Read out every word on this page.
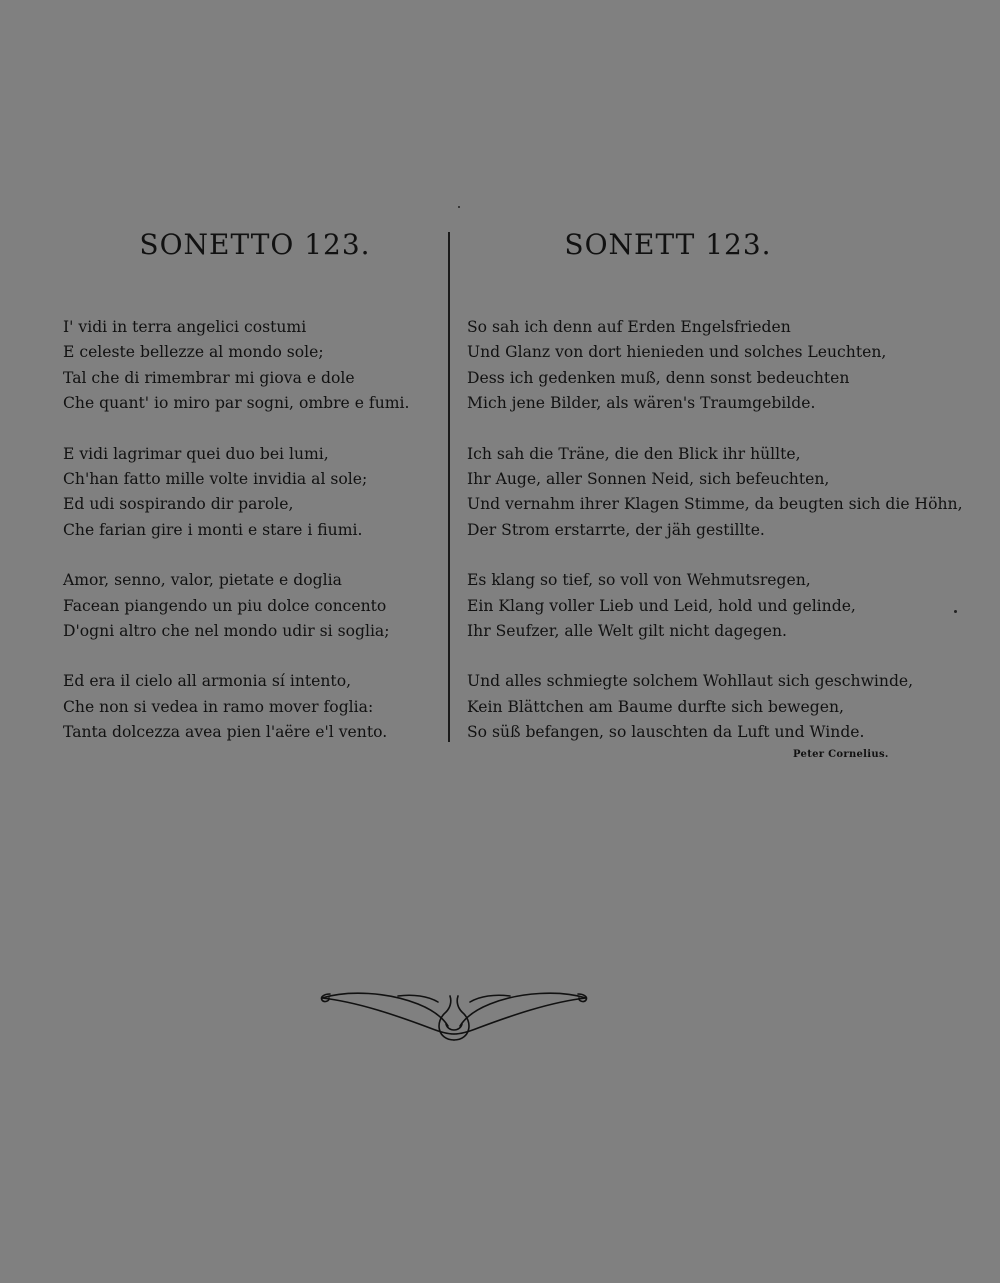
SONETTO 123.	SONETT 123.
I' vidi in terra angelici costumi
E celeste bellezze al mondo sole;
Tal che di rimembrar mi giova e dole
Che quant' io miro par sogni, ombre e fumi.
E vidi lagrimar quei duo bei lumi,
Ch'han fatto mille volte invidia al sole;
Ed udi sospirando dir parole,
Che farian gire i monti e stare i fiumi.
Amor, senno, valor, pietate e doglia
Facean piangendo un piu dolce concento
D'ogni altro che nel mondo udir si soglia;
Ed era il cielo all armonia sí intento,
Che non si vedea in ramo mover foglia:
Tanta dolcezza avea pien l'aëre e'l vento.
So sah ich denn auf Erden Engelsfrieden
Und Glanz von dort hienieden und solches Leuchten,
Dess ich gedenken muß, denn sonst bedeuchten
Mich jene Bilder, als wären's Traumgebilde.
Ich sah die Träne, die den Blick ihr hüllte,
Ihr Auge, aller Sonnen Neid, sich befeuchten,
Und vernahm ihrer Klagen Stimme, da beugten sich die Höhn,
Der Strom erstarrte, der jäh gestillte.
Es klang so tief, so voll von Wehmutsregen,
Ein Klang voller Lieb und Leid, hold und gelinde,
Ihr Seufzer, alle Welt gilt nicht dagegen.
Und alles schmiegte solchem Wohllaut sich geschwinde,
Kein Blättchen am Baume durfte sich bewegen,
So süß befangen, so lauschten da Luft und Winde.
Peter Cornelius.
